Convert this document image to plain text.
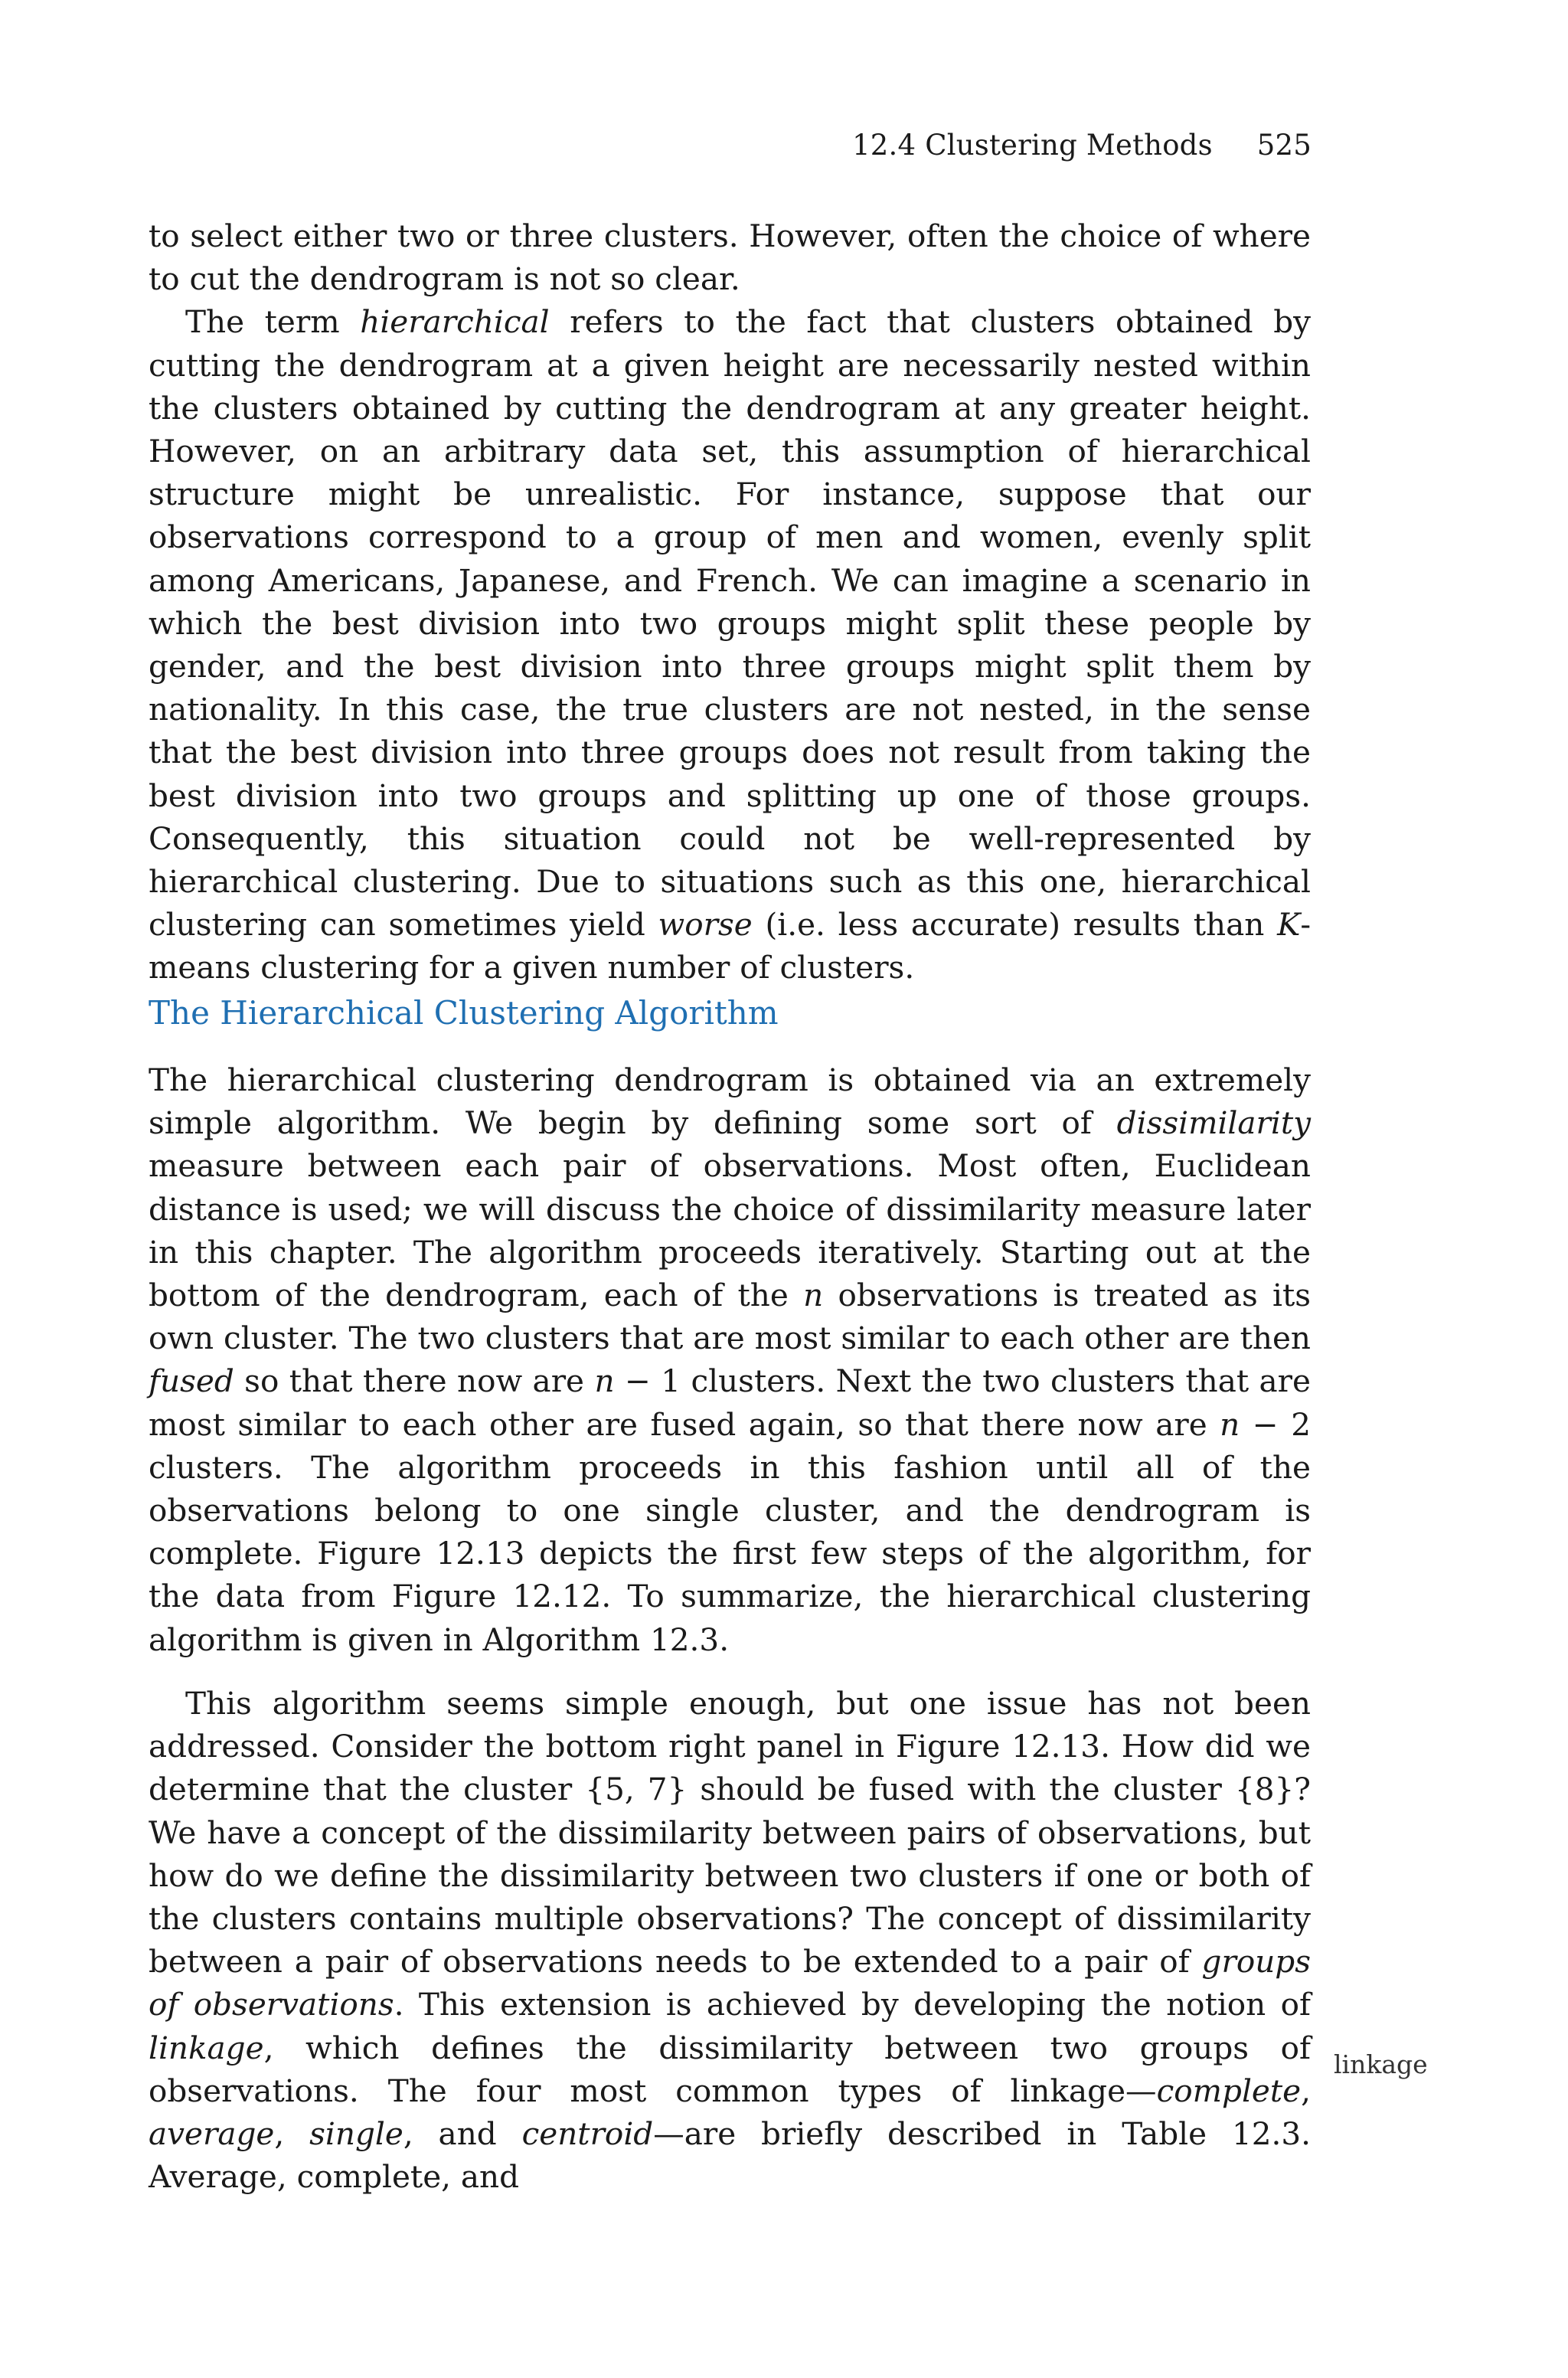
12.4 Clustering Methods 525

to select either two or three clusters. However, often the choice of where to cut the dendrogram is not so clear.

The term hierarchical refers to the fact that clusters obtained by cutting the dendrogram at a given height are necessarily nested within the clusters obtained by cutting the dendrogram at any greater height. However, on an arbitrary data set, this assumption of hierarchical structure might be unrealistic. For instance, suppose that our observations correspond to a group of men and women, evenly split among Americans, Japanese, and French. We can imagine a scenario in which the best division into two groups might split these people by gender, and the best division into three groups might split them by nationality. In this case, the true clusters are not nested, in the sense that the best division into three groups does not result from taking the best division into two groups and splitting up one of those groups. Consequently, this situation could not be well-represented by hierarchical clustering. Due to situations such as this one, hierarchical clustering can sometimes yield worse (i.e. less accurate) results than K-means clustering for a given number of clusters.

The Hierarchical Clustering Algorithm

The hierarchical clustering dendrogram is obtained via an extremely simple algorithm. We begin by defining some sort of dissimilarity measure between each pair of observations. Most often, Euclidean distance is used; we will discuss the choice of dissimilarity measure later in this chapter. The algorithm proceeds iteratively. Starting out at the bottom of the dendrogram, each of the n observations is treated as its own cluster. The two clusters that are most similar to each other are then fused so that there now are n − 1 clusters. Next the two clusters that are most similar to each other are fused again, so that there now are n − 2 clusters. The algorithm proceeds in this fashion until all of the observations belong to one single cluster, and the dendrogram is complete. Figure 12.13 depicts the first few steps of the algorithm, for the data from Figure 12.12. To summarize, the hierarchical clustering algorithm is given in Algorithm 12.3.

This algorithm seems simple enough, but one issue has not been addressed. Consider the bottom right panel in Figure 12.13. How did we determine that the cluster {5, 7} should be fused with the cluster {8}? We have a concept of the dissimilarity between pairs of observations, but how do we define the dissimilarity between two clusters if one or both of the clusters contains multiple observations? The concept of dissimilarity between a pair of observations needs to be extended to a pair of groups of observations. This extension is achieved by developing the notion of linkage, which defines the dissimilarity between two groups of observations. The four most common types of linkage—complete, average, single, and centroid—are briefly described in Table 12.3. Average, complete, and

linkage
